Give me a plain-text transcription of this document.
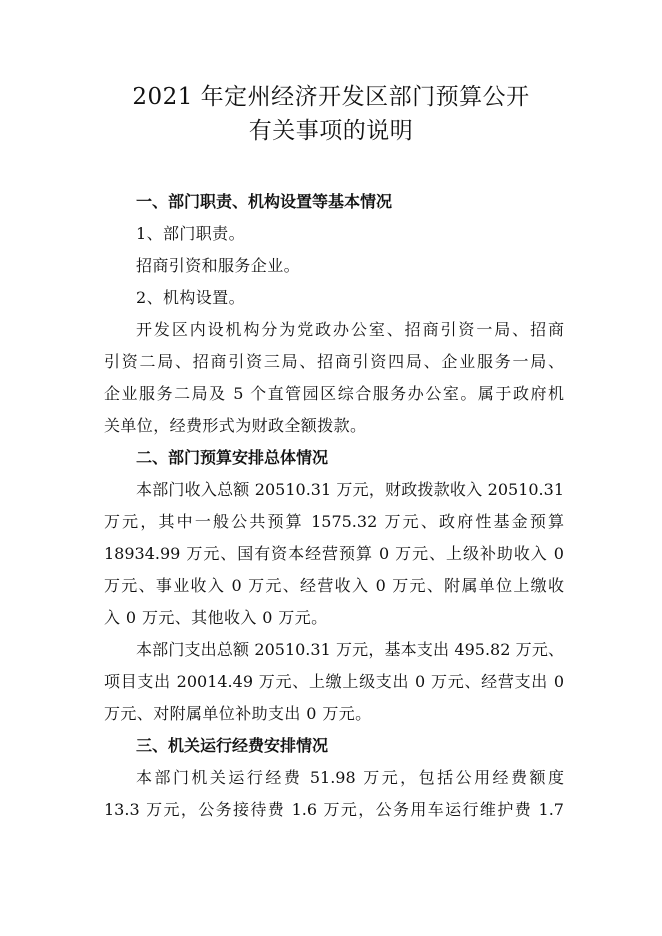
2021 年定州经济开发区部门预算公开
有关事项的说明
一、部门职责、机构设置等基本情况
1、部门职责。
招商引资和服务企业。
2、机构设置。
开发区内设机构分为党政办公室、招商引资一局、招商
引资二局、招商引资三局、招商引资四局、企业服务一局、
企业服务二局及 5 个直管园区综合服务办公室。属于政府机
关单位，经费形式为财政全额拨款。
二、部门预算安排总体情况
本部门收入总额 20510.31 万元，财政拨款收入 20510.31
万元，其中一般公共预算 1575.32 万元、政府性基金预算
18934.99 万元、国有资本经营预算 0 万元、上级补助收入 0
万元、事业收入 0 万元、经营收入 0 万元、附属单位上缴收
入 0 万元、其他收入 0 万元。
本部门支出总额 20510.31 万元，基本支出 495.82 万元、
项目支出 20014.49 万元、上缴上级支出 0 万元、经营支出 0
万元、对附属单位补助支出 0 万元。
三、机关运行经费安排情况
本部门机关运行经费 51.98 万元，包括公用经费额度
13.3 万元，公务接待费 1.6 万元，公务用车运行维护费 1.7
